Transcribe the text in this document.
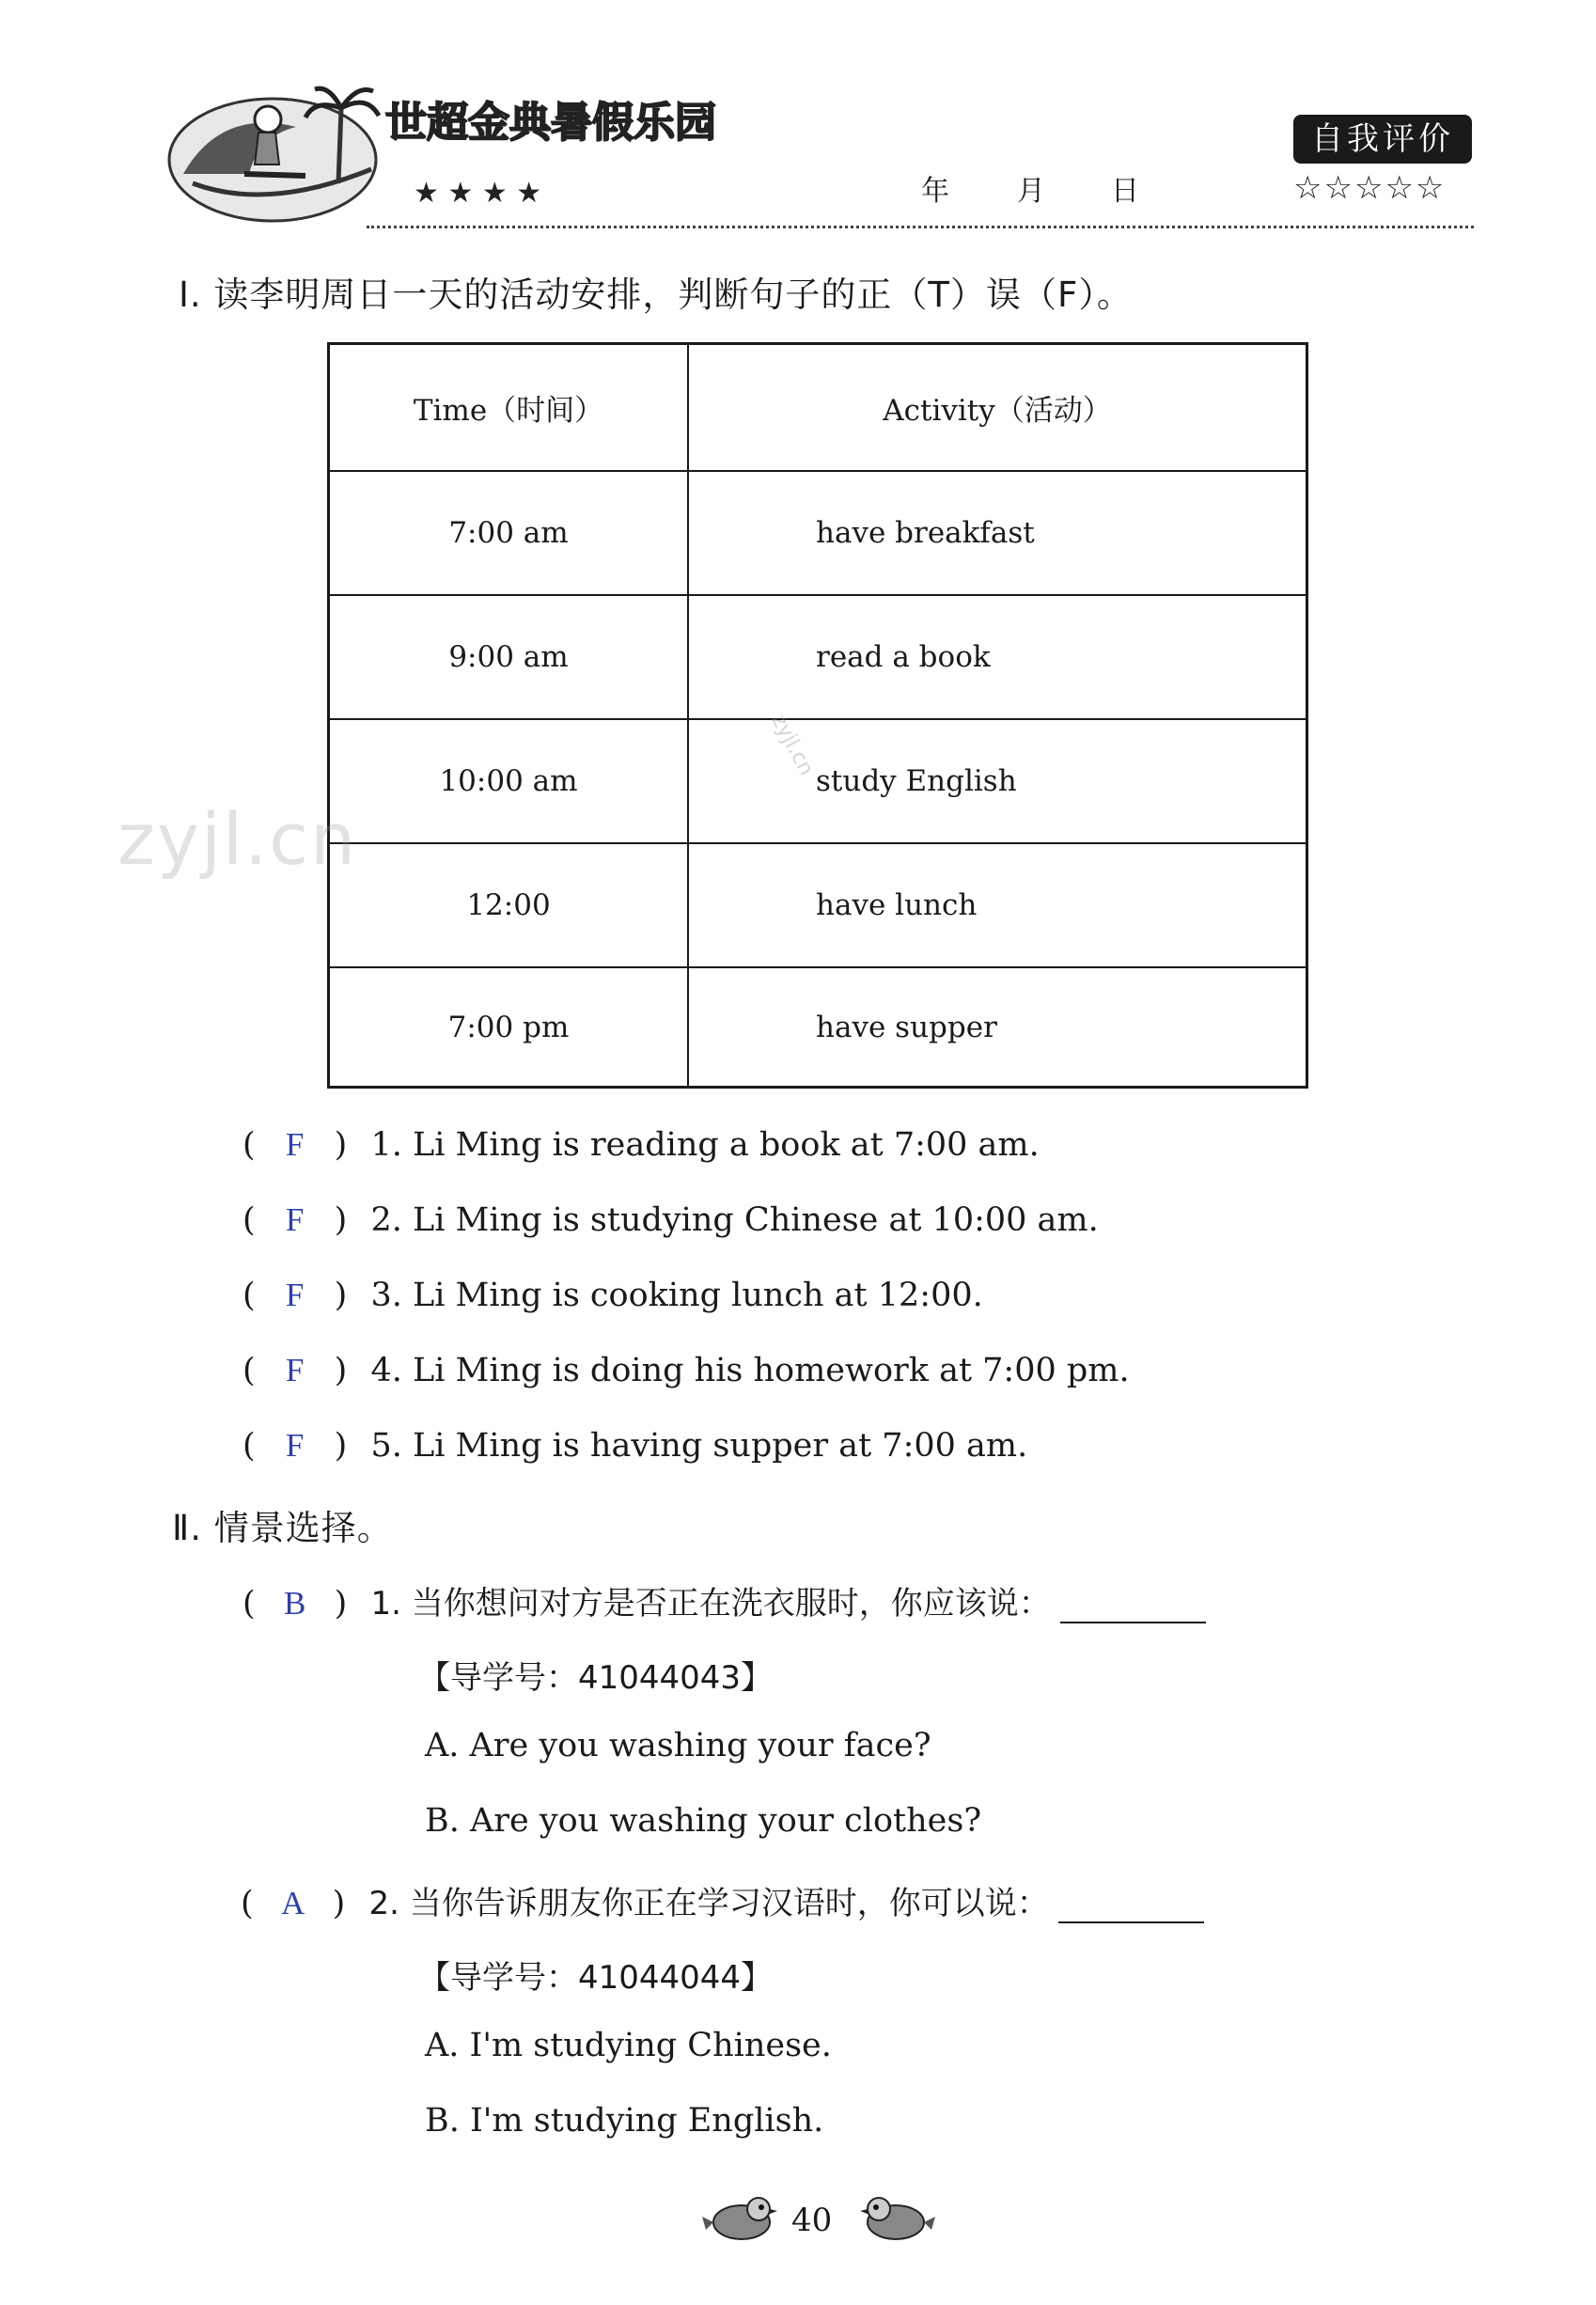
世超金典暑假乐园
★ ★ ★ ★	年 月 日
自我评价
☆☆☆☆☆
Ⅰ. 读李明周日一天的活动安排，判断句子的正（T）误（F）。
Time（时间）	Activity（活动）
7:00 am	have breakfast
9:00 am	read a book
10:00 am	study English
12:00	have lunch
7:00 pm	have supper
zyjl.cn
zyjl.cn
( F ) 1. Li Ming is reading a book at 7:00 am.
( F ) 2. Li Ming is studying Chinese at 10:00 am.
( F ) 3. Li Ming is cooking lunch at 12:00.
( F ) 4. Li Ming is doing his homework at 7:00 pm.
( F ) 5. Li Ming is having supper at 7:00 am.
Ⅱ. 情景选择。
( B ) 1. 当你想问对方是否正在洗衣服时，你应该说：
【导学号：41044043】
A. Are you washing your face?
B. Are you washing your clothes?
( A ) 2. 当你告诉朋友你正在学习汉语时，你可以说：
【导学号：41044044】
A. I'm studying Chinese.
B. I'm studying English.
40
